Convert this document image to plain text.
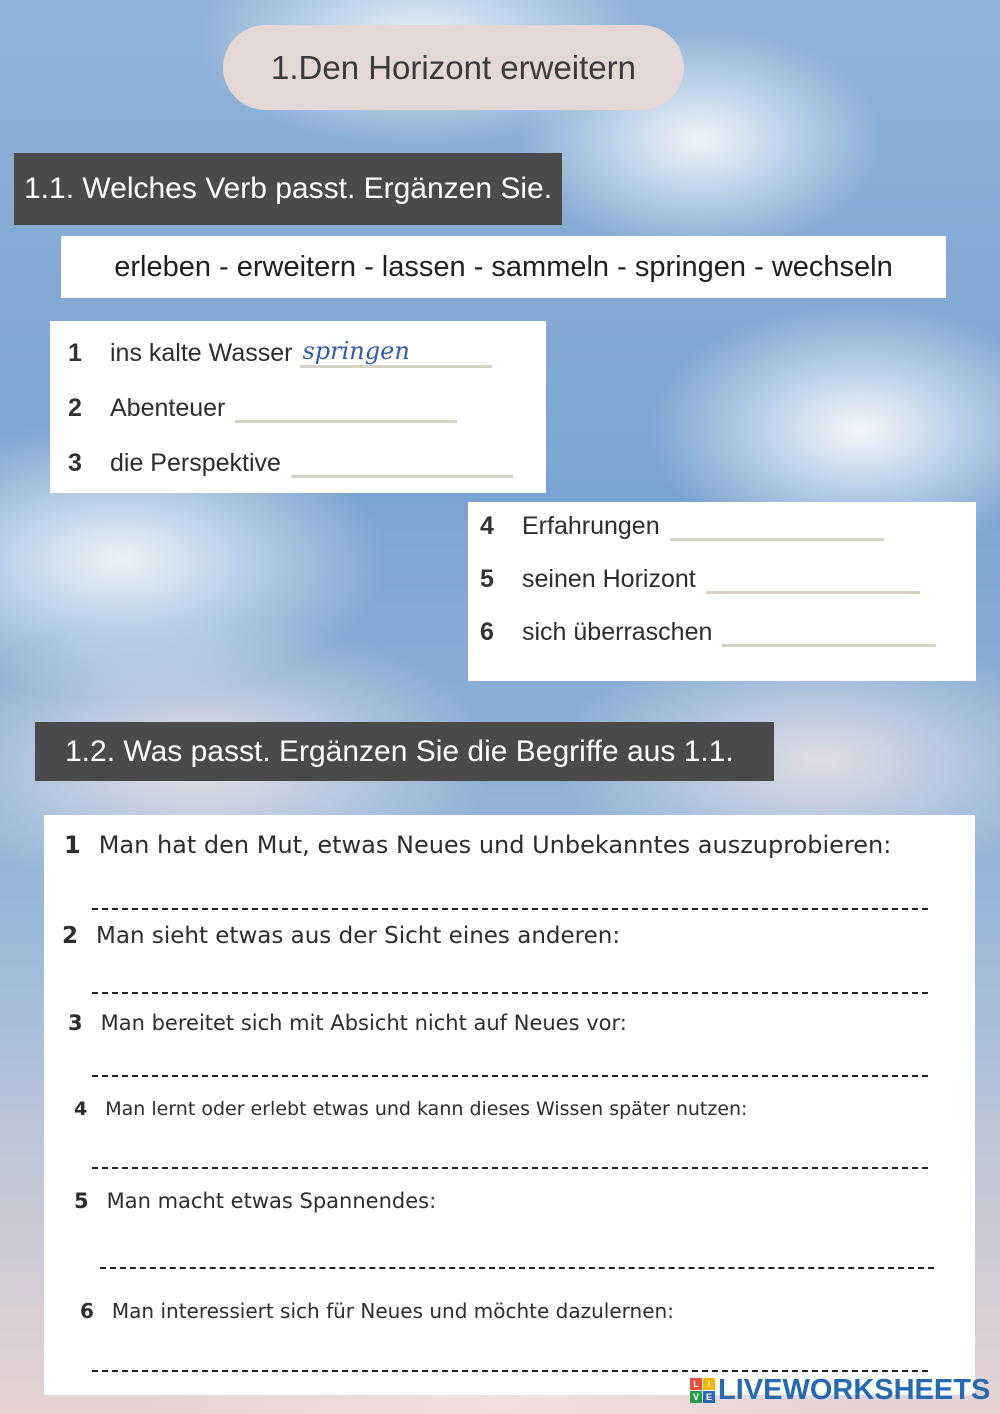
1.Den Horizont erweitern
1.1. Welches Verb passt. Ergänzen Sie.
erleben - erweitern - lassen - sammeln - springen - wechseln
1	ins kalte Wasser springen
2	Abenteuer
3	die Perspektive
4	Erfahrungen
5	seinen Horizont
6	sich überraschen
1.2. Was passt. Ergänzen Sie die Begriffe aus 1.1.
1 Man hat den Mut, etwas Neues und Unbekanntes auszuprobieren:
2 Man sieht etwas aus der Sicht eines anderen:
3 Man bereitet sich mit Absicht nicht auf Neues vor:
4 Man lernt oder erlebt etwas und kann dieses Wissen später nutzen:
5 Man macht etwas Spannendes:
6 Man interessiert sich für Neues und möchte dazulernen:
L I
V E LIVEWORKSHEETS
